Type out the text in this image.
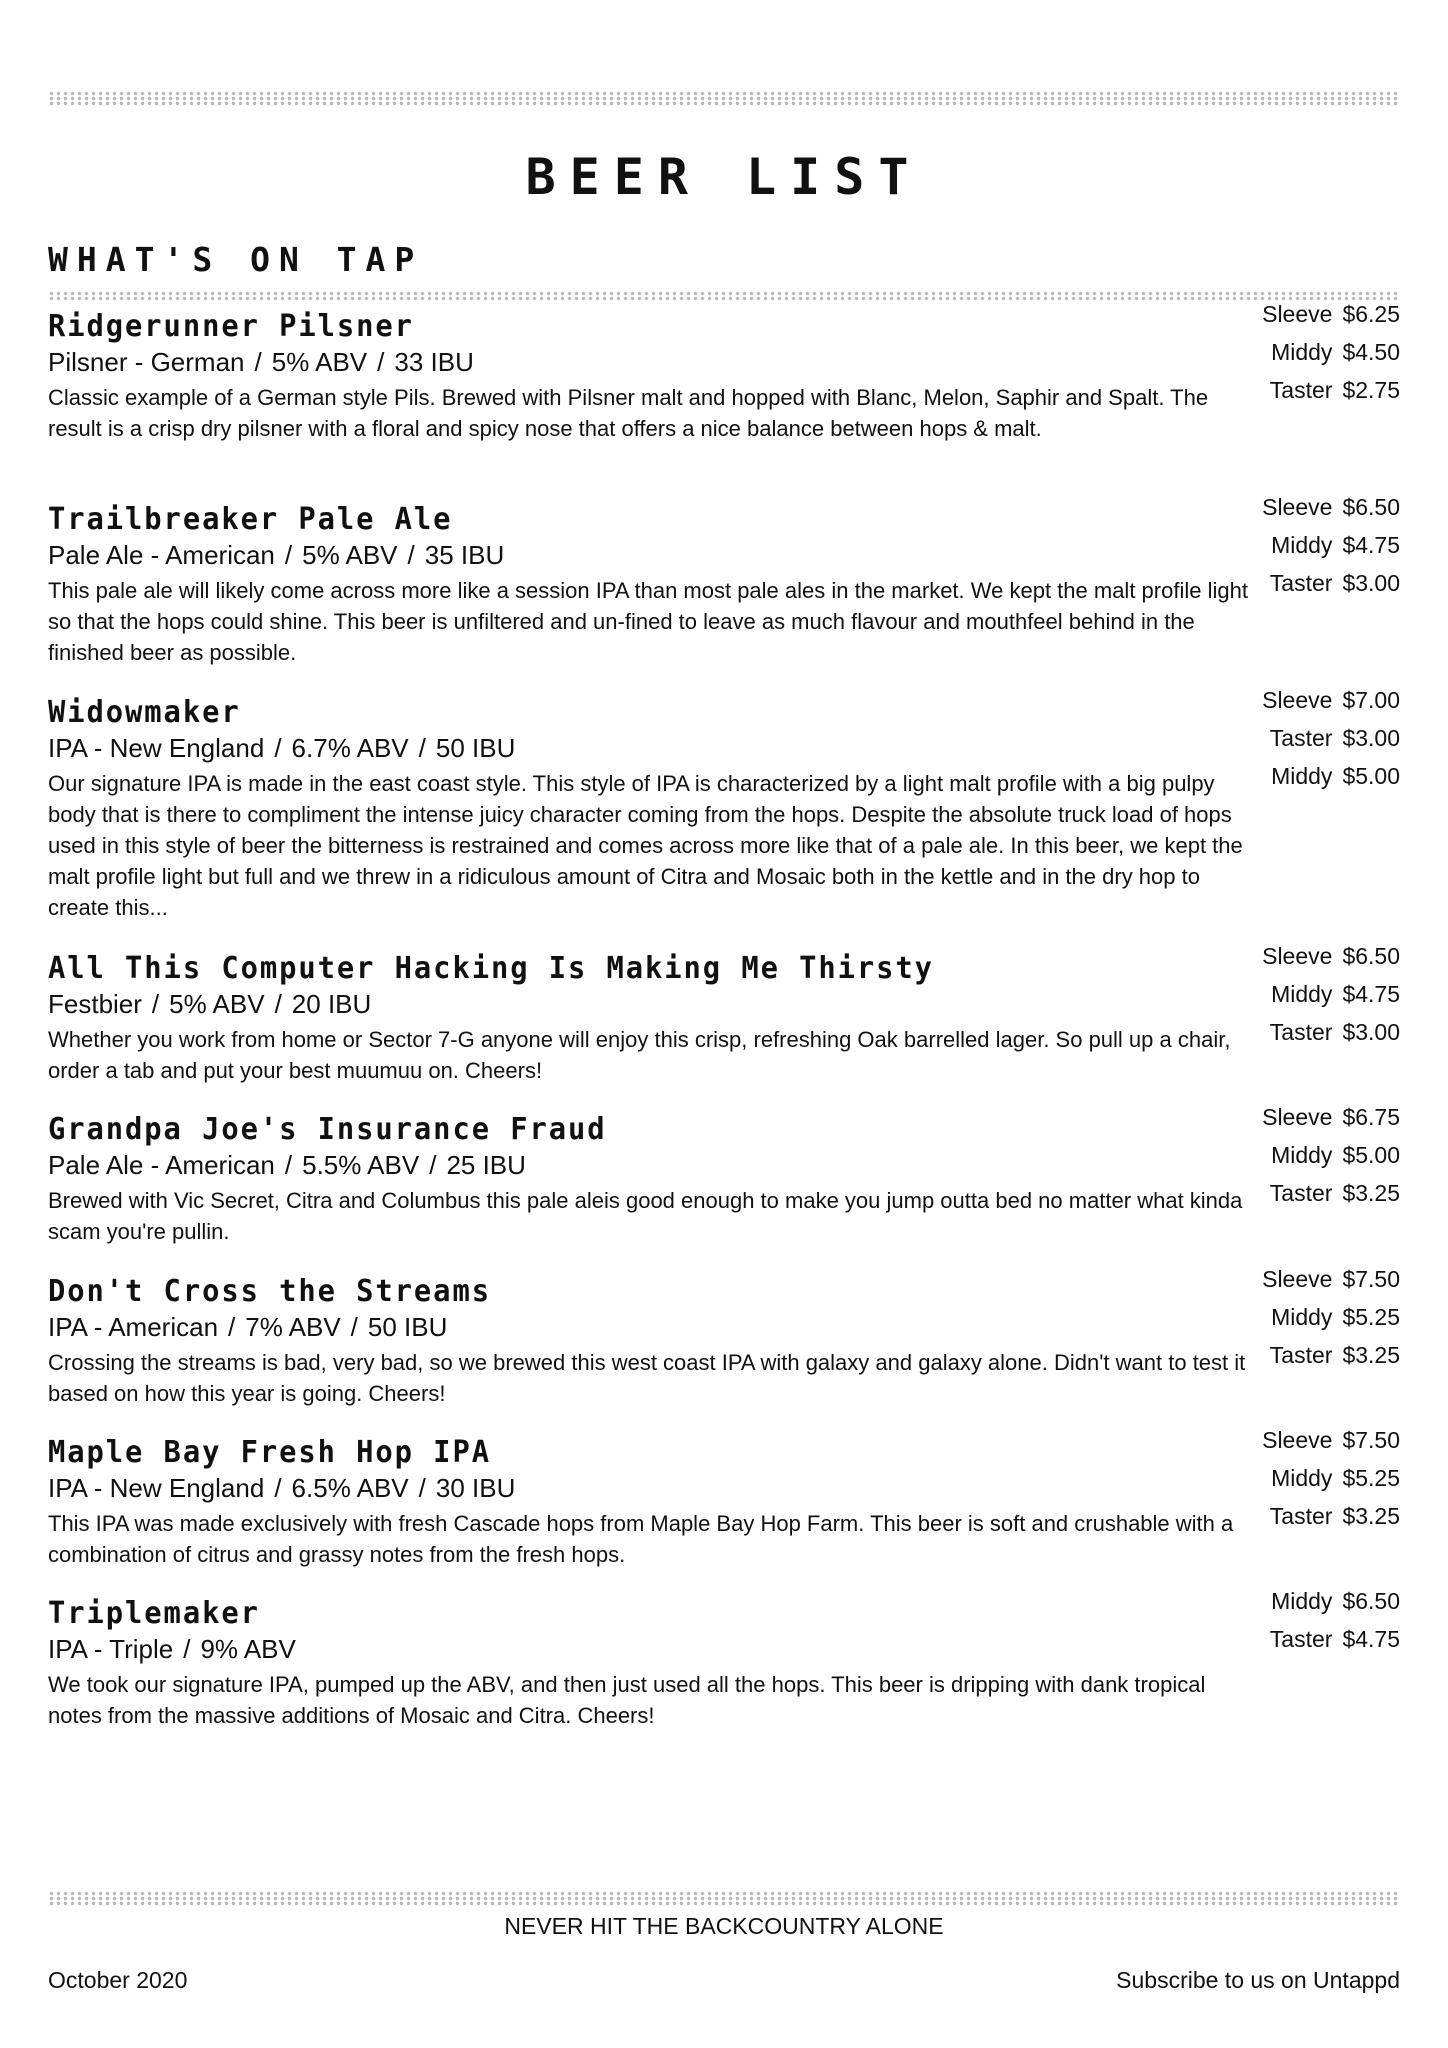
BEER LIST
WHAT'S ON TAP
Ridgerunner Pilsner

Pilsner - German / 5% ABV / 33 IBU

Classic example of a German style Pils. Brewed with Pilsner malt and hopped with Blanc, Melon, Saphir and Spalt. The result is a crisp dry pilsner with a floral and spicy nose that offers a nice balance between hops & malt.

Sleeve $6.25
Middy $4.50
Taster $2.75
Trailbreaker Pale Ale

Pale Ale - American / 5% ABV / 35 IBU

This pale ale will likely come across more like a session IPA than most pale ales in the market. We kept the malt profile light so that the hops could shine. This beer is unfiltered and un-fined to leave as much flavour and mouthfeel behind in the finished beer as possible.

Sleeve $6.50
Middy $4.75
Taster $3.00
Widowmaker

IPA - New England / 6.7% ABV / 50 IBU

Our signature IPA is made in the east coast style. This style of IPA is characterized by a light malt profile with a big pulpy body that is there to compliment the intense juicy character coming from the hops. Despite the absolute truck load of hops used in this style of beer the bitterness is restrained and comes across more like that of a pale ale. In this beer, we kept the malt profile light but full and we threw in a ridiculous amount of Citra and Mosaic both in the kettle and in the dry hop to create this...

Sleeve $7.00
Taster $3.00
Middy $5.00
All This Computer Hacking Is Making Me Thirsty

Festbier / 5% ABV / 20 IBU

Whether you work from home or Sector 7-G anyone will enjoy this crisp, refreshing Oak barrelled lager. So pull up a chair, order a tab and put your best muumuu on. Cheers!

Sleeve $6.50
Middy $4.75
Taster $3.00
Grandpa Joe's Insurance Fraud

Pale Ale - American / 5.5% ABV / 25 IBU

Brewed with Vic Secret, Citra and Columbus this pale aleis good enough to make you jump outta bed no matter what kinda scam you're pullin.

Sleeve $6.75
Middy $5.00
Taster $3.25
Don't Cross the Streams

IPA - American / 7% ABV / 50 IBU

Crossing the streams is bad, very bad, so we brewed this west coast IPA with galaxy and galaxy alone. Didn't want to test it based on how this year is going. Cheers!

Sleeve $7.50
Middy $5.25
Taster $3.25
Maple Bay Fresh Hop IPA

IPA - New England / 6.5% ABV / 30 IBU

This IPA was made exclusively with fresh Cascade hops from Maple Bay Hop Farm. This beer is soft and crushable with a combination of citrus and grassy notes from the fresh hops.

Sleeve $7.50
Middy $5.25
Taster $3.25
Triplemaker

IPA - Triple / 9% ABV

We took our signature IPA, pumped up the ABV, and then just used all the hops. This beer is dripping with dank tropical notes from the massive additions of Mosaic and Citra. Cheers!

Middy $6.50
Taster $4.75

NEVER HIT THE BACKCOUNTRY ALONE

October 2020	Subscribe to us on Untappd
